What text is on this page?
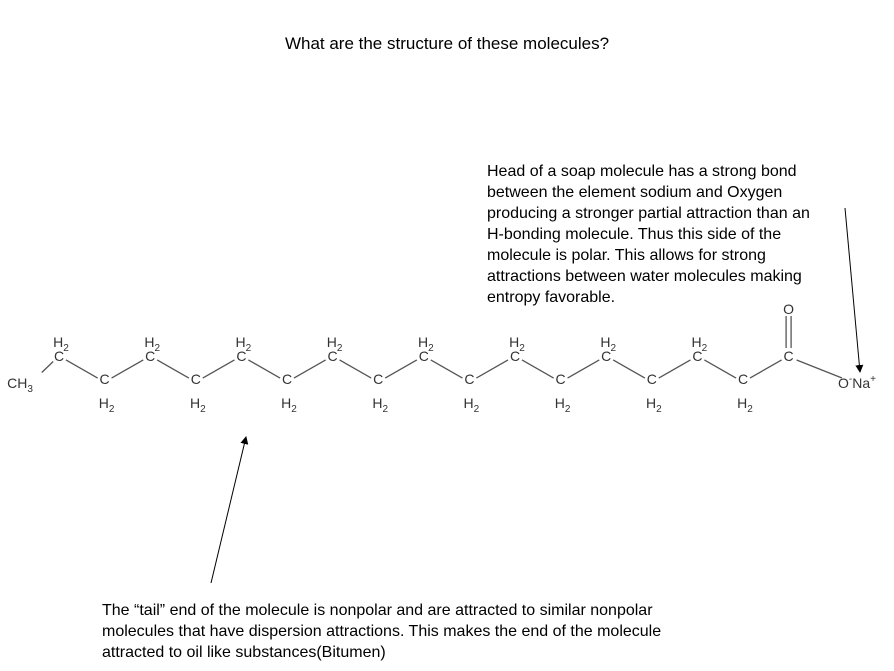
What are the structure of these molecules?
Head of a soap molecule has a strong bond
between the element sodium and Oxygen
producing a stronger partial attraction than an
H-bonding molecule. Thus this side of the
molecule is polar. This allows for strong
attractions between water molecules making
entropy favorable.
The “tail” end of the molecule is nonpolar and are attracted to similar nonpolar
molecules that have dispersion attractions. This makes the end of the molecule
attracted to oil like substances(Bitumen)
$CH_3$
C
$H_2$
C
$H_2$
C
$H_2$
C
$H_2$
C
$H_2$
C
$H_2$
C
$H_2$
C
$H_2$
C
$H_2$
C
$H_2$
C
$H_2$
C
$H_2$
C
$H_2$
C
$H_2$
C
$H_2$
C
$H_2$
C
O
O-Na+
